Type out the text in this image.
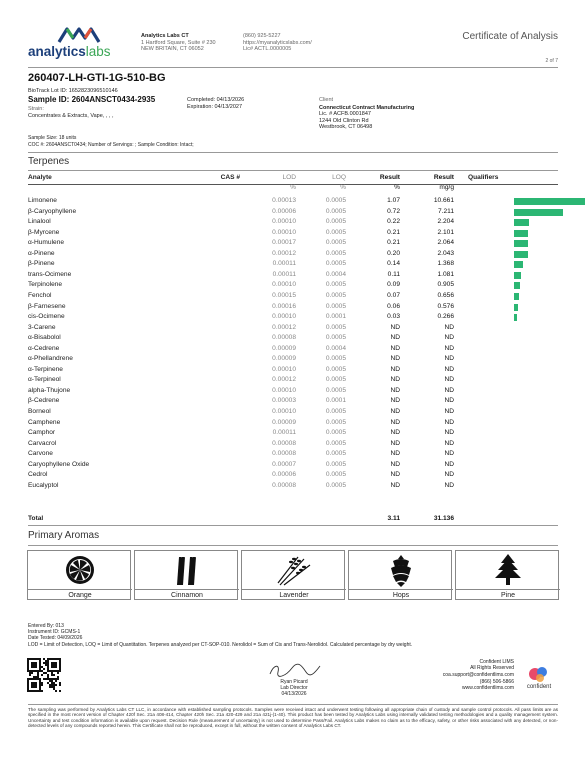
analyticslabs
Analytics Labs CT
1 Hartford Square, Suite # 230
NEW BRITAIN, CT 06052
(860) 925-5227
https://myanalyticslabs.com/
Lic# ACTL.0000005
Certificate of Analysis
2 of 7
260407-LH-GTI-1G-510-BG
BioTrack Lot ID: 1652823096510146
Sample ID: 2604ANSCT0434-2935
Strain:
Concentrates & Extracts, Vape, , , ,
Completed: 04/13/2026
Expiration: 04/13/2027
Client
Connecticut Contract Manufacturing
Lic. # ACFB.0001847
1244 Old Clinton Rd
Westbrook, CT 06498
Sample Size: 18 units
COC #: 2604ANSCT0434; Number of Servings: ; Sample Condition: Intact;
Terpenes
Analyte	CAS #	LOD	LOQ	Result	Result Qualifiers
%	%	%	mg/g
Limonene	0.00013	0.0005	1.07	10.661
β-Caryophyllene	0.00006	0.0005	0.72	7.211
Linalool	0.00010	0.0005	0.22	2.204
β-Myrcene	0.00010	0.0005	0.21	2.101
α-Humulene	0.00017	0.0005	0.21	2.064
α-Pinene	0.00012	0.0005	0.20	2.043
β-Pinene	0.00011	0.0005	0.14	1.368
trans-Ocimene	0.00011	0.0004	0.11	1.081
Terpinolene	0.00010	0.0005	0.09	0.905
Fenchol	0.00015	0.0005	0.07	0.656
β-Farnesene	0.00016	0.0005	0.06	0.576
cis-Ocimene	0.00010	0.0001	0.03	0.266
3-Carene	0.00012	0.0005	ND	ND
α-Bisabolol	0.00008	0.0005	ND	ND
α-Cedrene	0.00009	0.0004	ND	ND
α-Phellandrene	0.00009	0.0005	ND	ND
α-Terpinene	0.00010	0.0005	ND	ND
α-Terpineol	0.00012	0.0005	ND	ND
alpha-Thujone	0.00010	0.0005	ND	ND
β-Cedrene	0.00003	0.0001	ND	ND
Borneol	0.00010	0.0005	ND	ND
Camphene	0.00009	0.0005	ND	ND
Camphor	0.00011	0.0005	ND	ND
Carvacrol	0.00008	0.0005	ND	ND
Carvone	0.00008	0.0005	ND	ND
Caryophyllene Oxide	0.00007	0.0005	ND	ND
Cedrol	0.00006	0.0005	ND	ND
Eucalyptol	0.00008	0.0005	ND	ND
Total	3.11	31.136
Primary Aromas
Orange	Cinnamon	Lavender	Hops	Pine
Entered By: 013
Instrument ID: GCMS-1
Date Tested: 04/09/2026
LOD = Limit of Detection, LOQ = Limit of Quantitation. Terpenes analyzed per CT-SOP-010. Nerolidol = Sum of Cis and Trans-Nerolidol. Calculated percentage by dry weight.
Ryan Picard
Lab Director
04/13/2026
Confident LIMS
All Rights Reserved
coa.support@confidentlims.com
(866) 506-5866
www.confidentlims.com	confident
The sampling was performed by Analytics Labs CT LLC, in accordance with established sampling protocols. Samples were received intact and underwent testing following all appropriate chain of custody and sample control protocols. All pass limits are as specified in the most recent version of Chapter 420f Sec. 21a 408-414, Chapter 420h Sec. 21a 420-429 and 21a 421j-(1-40). This product has been tested by Analytics Labs using internally validated testing methodologies and a quality management system. Uncertainty and test condition information is available upon request. Decision Rule (measurement of uncertainty) is not used to determine Pass/Fail. Analytics Labs makes no claim as to the efficacy, safety, or other risks associated with any detected, or non-detected levels of any compounds reported herein. This Certificate shall not be reproduced, except in full, without the written consent of Analytics Labs CT.
